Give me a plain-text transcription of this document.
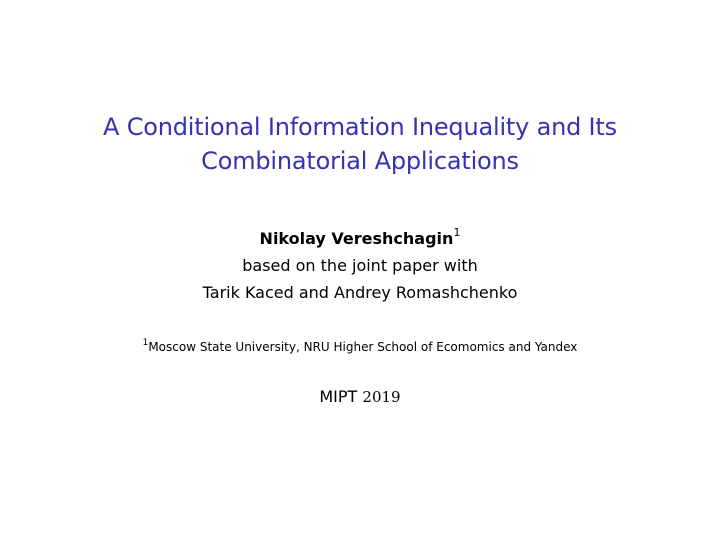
A Conditional Information Inequality and Its
Combinatorial Applications
Nikolay Vereshchagin$^1$
based on the joint paper with
Tarik Kaced and Andrey Romashchenko
$^1$Moscow State University, NRU Higher School of Ecomomics and Yandex
MIPT 2019
